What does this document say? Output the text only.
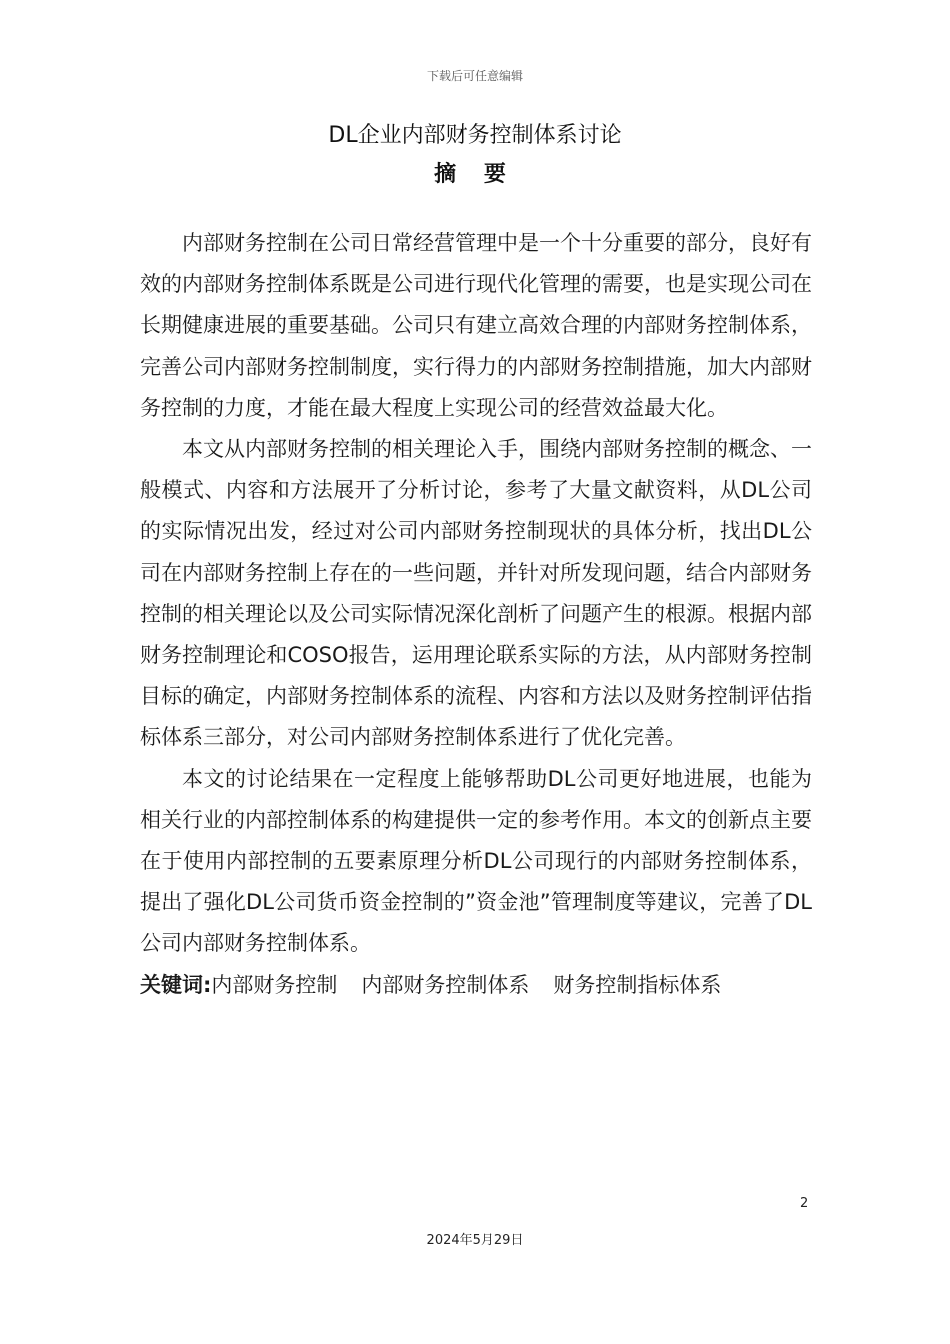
下载后可任意编辑
DL企业内部财务控制体系讨论
摘 要

内部财务控制在公司日常经营管理中是一个十分重要的部分，良好有效的内部财务控制体系既是公司进行现代化管理的需要，也是实现公司在长期健康进展的重要基础。公司只有建立高效合理的内部财务控制体系，完善公司内部财务控制制度，实行得力的内部财务控制措施，加大内部财务控制的力度，才能在最大程度上实现公司的经营效益最大化。

本文从内部财务控制的相关理论入手，围绕内部财务控制的概念、一般模式、内容和方法展开了分析讨论，参考了大量文献资料，从DL公司的实际情况出发，经过对公司内部财务控制现状的具体分析，找出DL公司在内部财务控制上存在的一些问题，并针对所发现问题，结合内部财务控制的相关理论以及公司实际情况深化剖析了问题产生的根源。根据内部财务控制理论和COSO报告，运用理论联系实际的方法，从内部财务控制目标的确定，内部财务控制体系的流程、内容和方法以及财务控制评估指标体系三部分，对公司内部财务控制体系进行了优化完善。

本文的讨论结果在一定程度上能够帮助DL公司更好地进展，也能为相关行业的内部控制体系的构建提供一定的参考作用。本文的创新点主要在于使用内部控制的五要素原理分析DL公司现行的内部财务控制体系，提出了强化DL公司货币资金控制的”资金池”管理制度等建议，完善了DL公司内部财务控制体系。

关键词:内部财务控制 内部财务控制体系 财务控制指标体系

2
2024年5月29日
